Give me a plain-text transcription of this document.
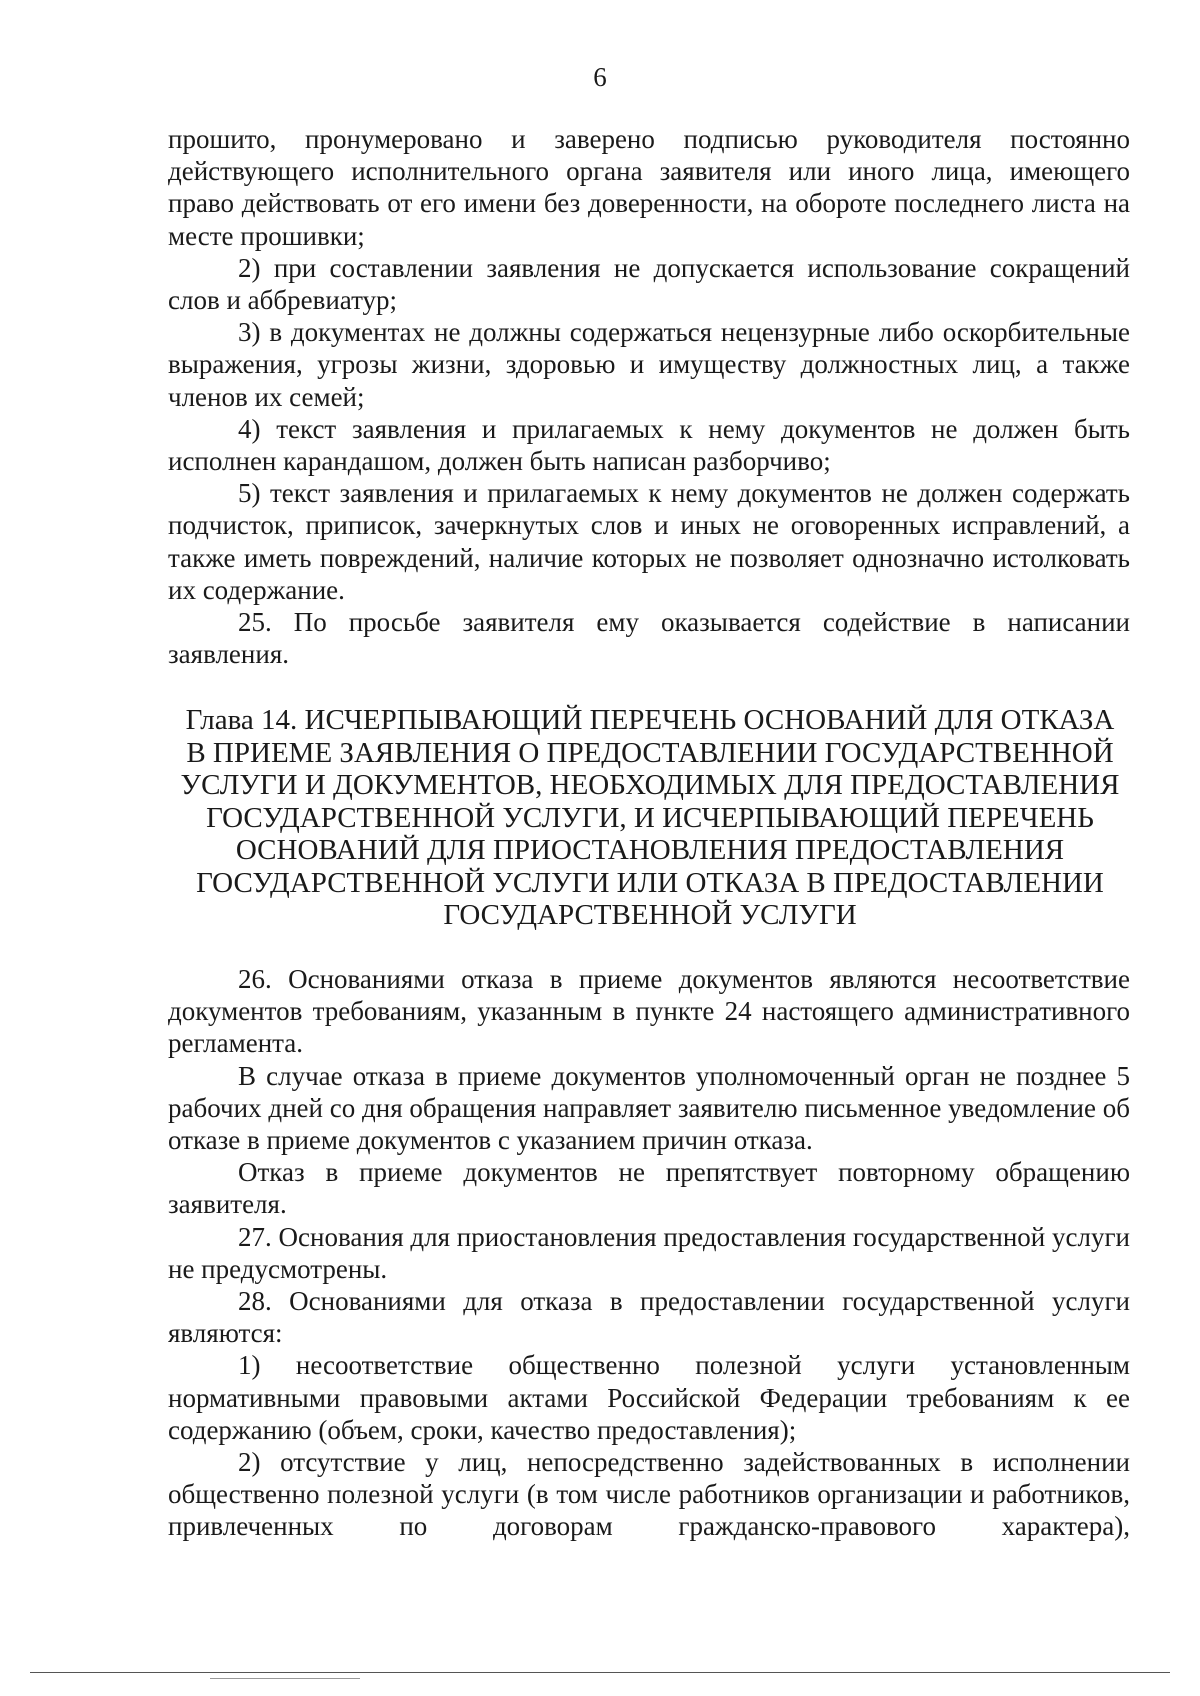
6

прошито, пронумеровано и заверено подписью руководителя постоянно действующего исполнительного органа заявителя или иного лица, имеющего право действовать от его имени без доверенности, на обороте последнего листа на месте прошивки;

2) при составлении заявления не допускается использование сокращений слов и аббревиатур;

3) в документах не должны содержаться нецензурные либо оскорбительные выражения, угрозы жизни, здоровью и имуществу должностных лиц, а также членов их семей;

4) текст заявления и прилагаемых к нему документов не должен быть исполнен карандашом, должен быть написан разборчиво;

5) текст заявления и прилагаемых к нему документов не должен содержать подчисток, приписок, зачеркнутых слов и иных не оговоренных исправлений, а также иметь повреждений, наличие которых не позволяет однозначно истолковать их содержание.

25. По просьбе заявителя ему оказывается содействие в написании заявления.

Глава 14. ИСЧЕРПЫВАЮЩИЙ ПЕРЕЧЕНЬ ОСНОВАНИЙ ДЛЯ ОТКАЗА
В ПРИЕМЕ ЗАЯВЛЕНИЯ О ПРЕДОСТАВЛЕНИИ ГОСУДАРСТВЕННОЙ
УСЛУГИ И ДОКУМЕНТОВ, НЕОБХОДИМЫХ ДЛЯ ПРЕДОСТАВЛЕНИЯ
ГОСУДАРСТВЕННОЙ УСЛУГИ, И ИСЧЕРПЫВАЮЩИЙ ПЕРЕЧЕНЬ
ОСНОВАНИЙ ДЛЯ ПРИОСТАНОВЛЕНИЯ ПРЕДОСТАВЛЕНИЯ
ГОСУДАРСТВЕННОЙ УСЛУГИ ИЛИ ОТКАЗА В ПРЕДОСТАВЛЕНИИ
ГОСУДАРСТВЕННОЙ УСЛУГИ

26. Основаниями отказа в приеме документов являются несоответствие документов требованиям, указанным в пункте 24 настоящего административного регламента.

В случае отказа в приеме документов уполномоченный орган не позднее 5 рабочих дней со дня обращения направляет заявителю письменное уведомление об отказе в приеме документов с указанием причин отказа.

Отказ в приеме документов не препятствует повторному обращению заявителя.

27. Основания для приостановления предоставления государственной услуги не предусмотрены.

28. Основаниями для отказа в предоставлении государственной услуги являются:

1) несоответствие общественно полезной услуги установленным нормативными правовыми актами Российской Федерации требованиям к ее содержанию (объем, сроки, качество предоставления);

2) отсутствие у лиц, непосредственно задействованных в исполнении общественно полезной услуги (в том числе работников организации и работников, привлеченных по договорам гражданско-правового характера),
